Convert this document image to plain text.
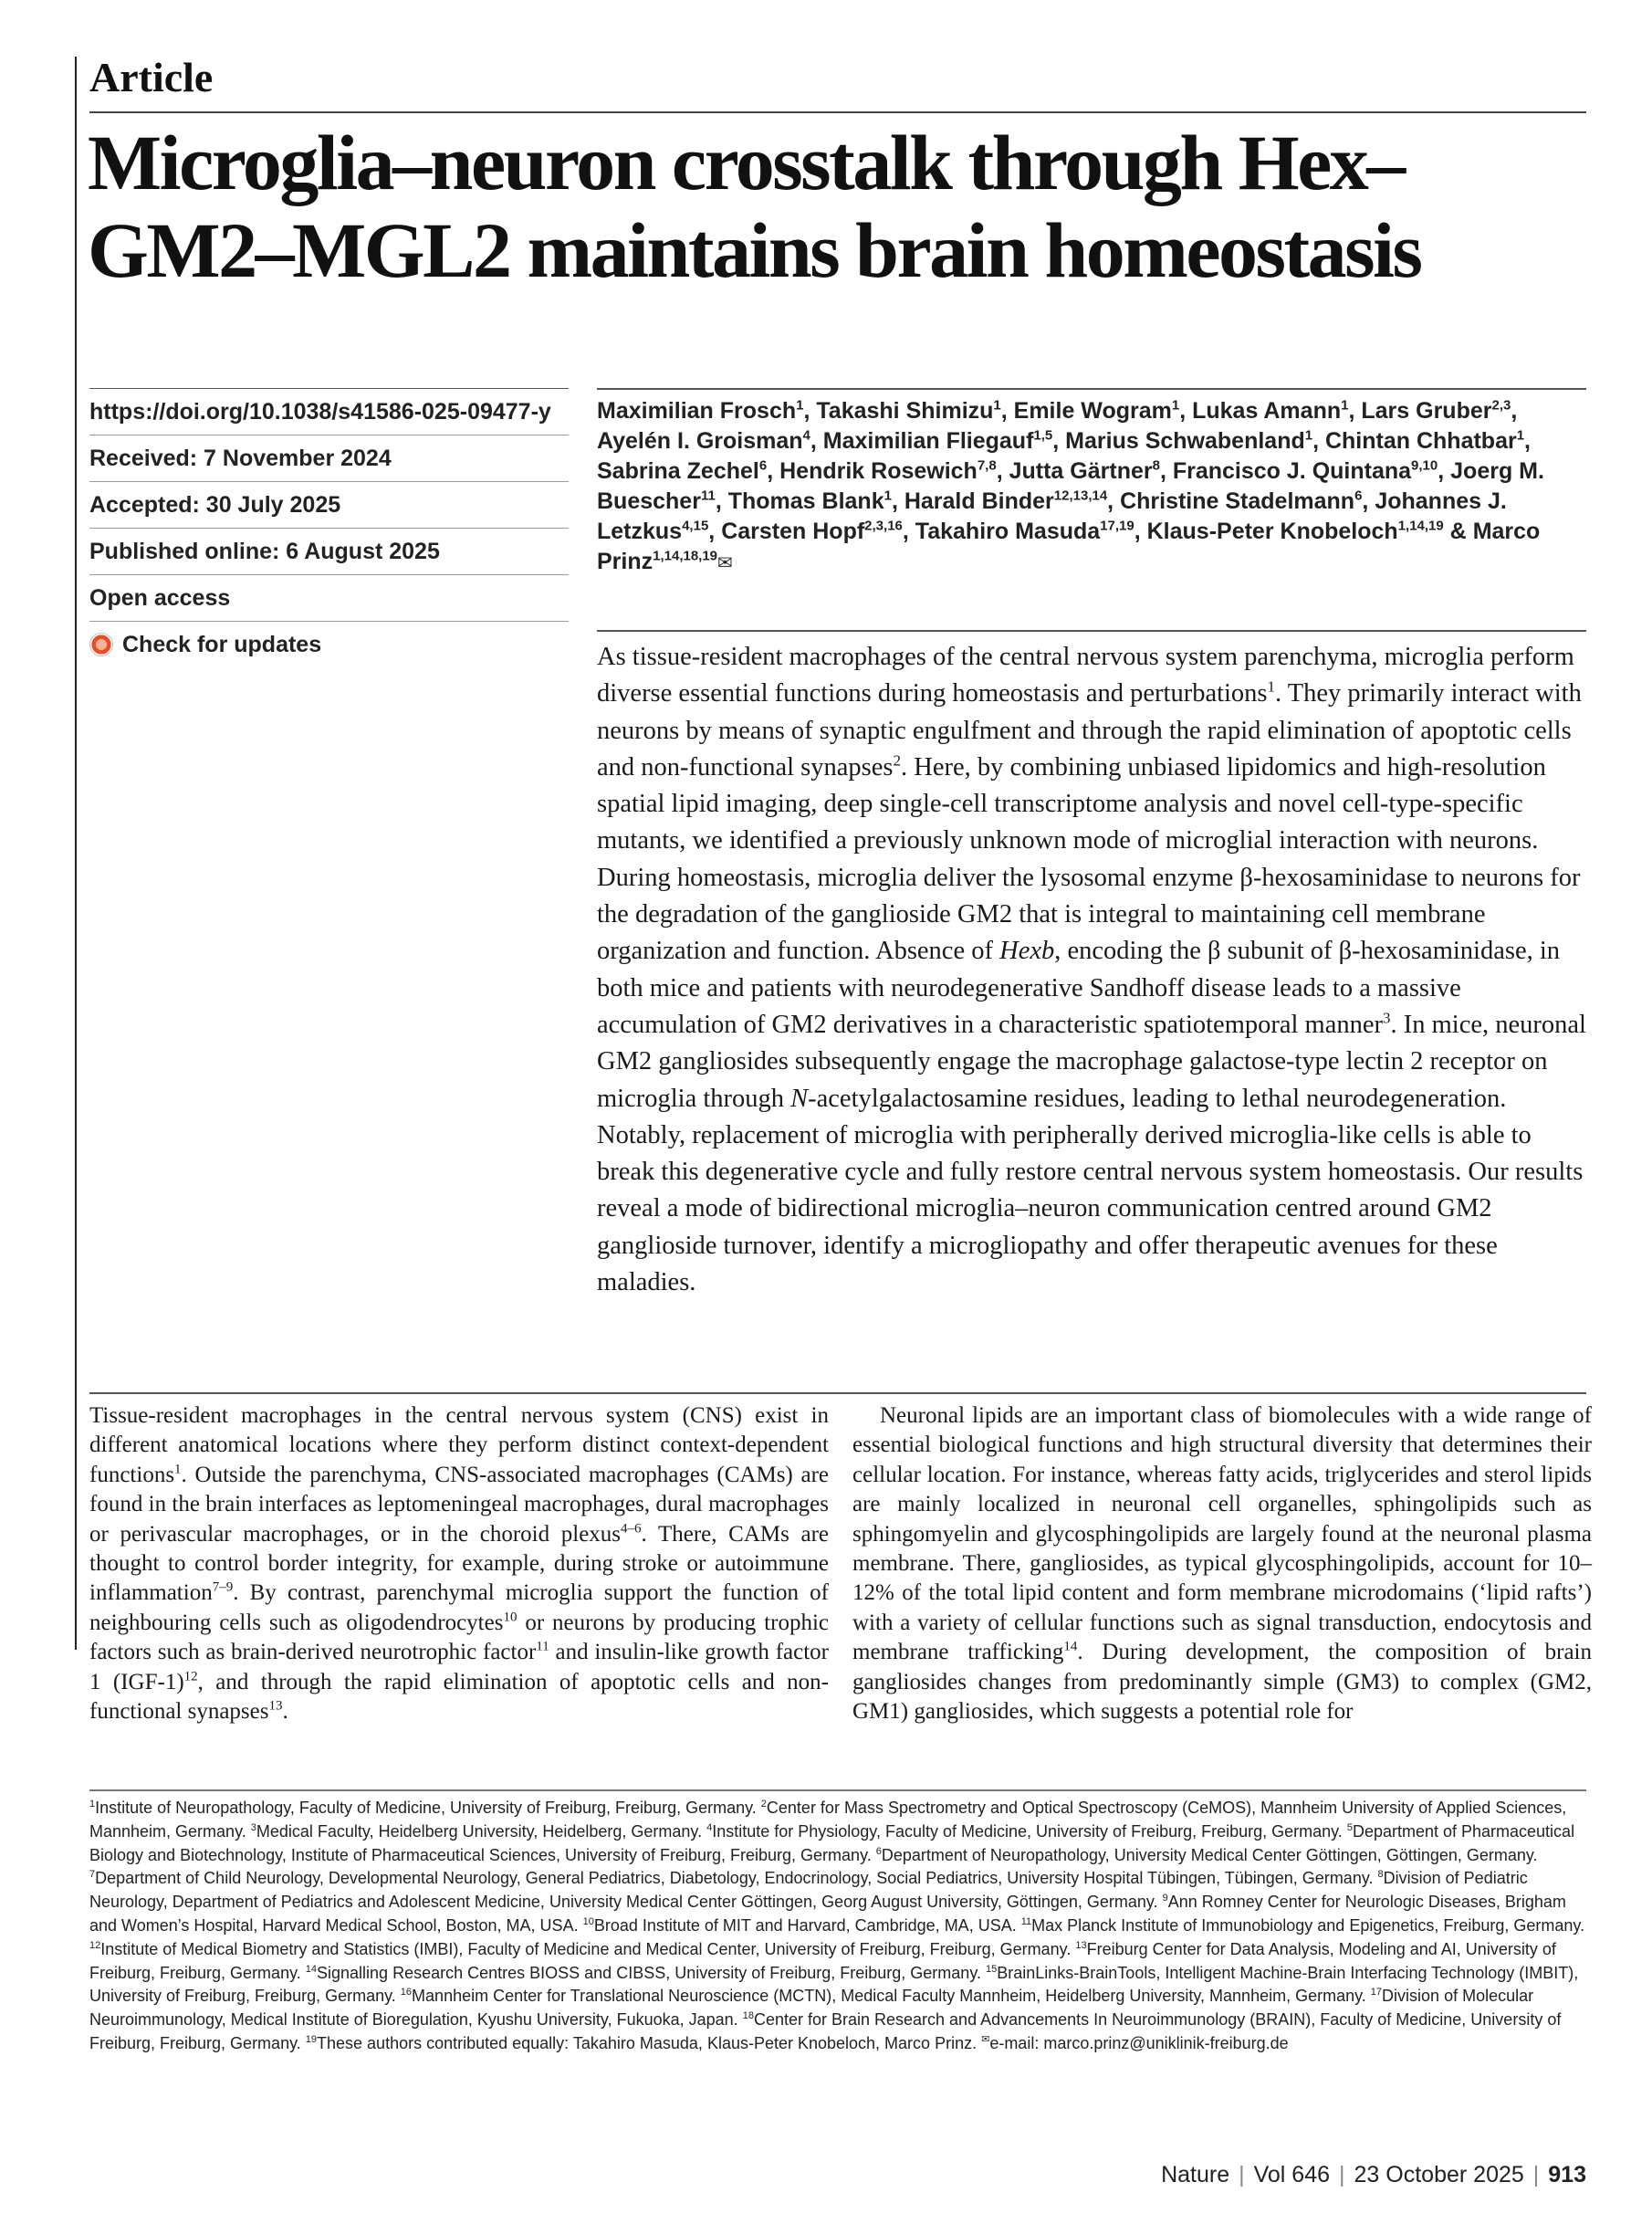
Article
Microglia–neuron crosstalk through Hex–GM2–MGL2 maintains brain homeostasis
https://doi.org/10.1038/s41586-025-09477-y
Received: 7 November 2024
Accepted: 30 July 2025
Published online: 6 August 2025
Open access
Check for updates

Maximilian Frosch$^1$, Takashi Shimizu$^1$, Emile Wogram$^1$, Lukas Amann$^1$, Lars Gruber$^{2,3}$, Ayelén I. Groisman$^4$, Maximilian Fliegauf$^{1,5}$, Marius Schwabenland$^1$, Chintan Chhatbar$^1$, Sabrina Zechel$^6$, Hendrik Rosewich$^{7,8}$, Jutta Gärtner$^8$, Francisco J. Quintana$^{9,10}$, Joerg M. Buescher$^{11}$, Thomas Blank$^1$, Harald Binder$^{12,13,14}$, Christine Stadelmann$^6$, Johannes J. Letzkus$^{4,15}$, Carsten Hopf$^{2,3,16}$, Takahiro Masuda$^{17,19}$, Klaus-Peter Knobeloch$^{1,14,19}$ & Marco Prinz$^{1,14,18,19}$✉

As tissue-resident macrophages of the central nervous system parenchyma, microglia perform diverse essential functions during homeostasis and perturbations$^1$. They primarily interact with neurons by means of synaptic engulfment and through the rapid elimination of apoptotic cells and non-functional synapses$^2$. Here, by combining unbiased lipidomics and high-resolution spatial lipid imaging, deep single-cell transcriptome analysis and novel cell-type-specific mutants, we identified a previously unknown mode of microglial interaction with neurons. During homeostasis, microglia deliver the lysosomal enzyme β-hexosaminidase to neurons for the degradation of the ganglioside GM2 that is integral to maintaining cell membrane organization and function. Absence of Hexb, encoding the β subunit of β-hexosaminidase, in both mice and patients with neurodegenerative Sandhoff disease leads to a massive accumulation of GM2 derivatives in a characteristic spatiotemporal manner$^3$. In mice, neuronal GM2 gangliosides subsequently engage the macrophage galactose-type lectin 2 receptor on microglia through N-acetylgalactosamine residues, leading to lethal neurodegeneration. Notably, replacement of microglia with peripherally derived microglia-like cells is able to break this degenerative cycle and fully restore central nervous system homeostasis. Our results reveal a mode of bidirectional microglia–neuron communication centred around GM2 ganglioside turnover, identify a microgliopathy and offer therapeutic avenues for these maladies.

Tissue-resident macrophages in the central nervous system (CNS) exist in different anatomical locations where they perform distinct context-dependent functions$^1$. Outside the parenchyma, CNS-associated macrophages (CAMs) are found in the brain interfaces as leptomeningeal macrophages, dural macrophages or perivascular macrophages, or in the choroid plexus$^{4-6}$. There, CAMs are thought to control border integrity, for example, during stroke or autoimmune inflammation$^{7-9}$. By contrast, parenchymal microglia support the function of neighbouring cells such as oligodendrocytes$^{10}$ or neurons by producing trophic factors such as brain-derived neurotrophic factor$^{11}$ and insulin-like growth factor 1 $(IGF-1)^{12}$, and through the rapid elimination of apoptotic cells and non-functional synapses$^{13}$.

Neuronal lipids are an important class of biomolecules with a wide range of essential biological functions and high structural diversity that determines their cellular location. For instance, whereas fatty acids, triglycerides and sterol lipids are mainly localized in neuronal cell organelles, sphingolipids such as sphingomyelin and glycosphingolipids are largely found at the neuronal plasma membrane. There, gangliosides, as typical glycosphingolipids, account for 10–12% of the total lipid content and form membrane microdomains (‘lipid rafts’) with a variety of cellular functions such as signal transduction, endocytosis and membrane trafficking$^{14}$. During development, the composition of brain gangliosides changes from predominantly simple (GM3) to complex (GM2, GM1) gangliosides, which suggests a potential role for

$^1$Institute of Neuropathology, Faculty of Medicine, University of Freiburg, Freiburg, Germany. $^2$Center for Mass Spectrometry and Optical Spectroscopy (CeMOS), Mannheim University of Applied Sciences, Mannheim, Germany. $^3$Medical Faculty, Heidelberg University, Heidelberg, Germany. $^4$Institute for Physiology, Faculty of Medicine, University of Freiburg, Freiburg, Germany. $^5$Department of Pharmaceutical Biology and Biotechnology, Institute of Pharmaceutical Sciences, University of Freiburg, Freiburg, Germany. $^6$Department of Neuropathology, University Medical Center Göttingen, Göttingen, Germany. $^7$Department of Child Neurology, Developmental Neurology, General Pediatrics, Diabetology, Endocrinology, Social Pediatrics, University Hospital Tübingen, Tübingen, Germany. $^8$Division of Pediatric Neurology, Department of Pediatrics and Adolescent Medicine, University Medical Center Göttingen, Georg August University, Göttingen, Germany. $^9$Ann Romney Center for Neurologic Diseases, Brigham and Women’s Hospital, Harvard Medical School, Boston, MA, USA. $^{10}$Broad Institute of MIT and Harvard, Cambridge, MA, USA. $^{11}$Max Planck Institute of Immunobiology and Epigenetics, Freiburg, Germany. $^{12}$Institute of Medical Biometry and Statistics (IMBI), Faculty of Medicine and Medical Center, University of Freiburg, Freiburg, Germany. $^{13}$Freiburg Center for Data Analysis, Modeling and AI, University of Freiburg, Freiburg, Germany. $^{14}$Signalling Research Centres BIOSS and CIBSS, University of Freiburg, Freiburg, Germany. $^{15}$BrainLinks-BrainTools, Intelligent Machine-Brain Interfacing Technology (IMBIT), University of Freiburg, Freiburg, Germany. $^{16}$Mannheim Center for Translational Neuroscience (MCTN), Medical Faculty Mannheim, Heidelberg University, Mannheim, Germany. $^{17}$Division of Molecular Neuroimmunology, Medical Institute of Bioregulation, Kyushu University, Fukuoka, Japan. $^{18}$Center for Brain Research and Advancements In Neuroimmunology (BRAIN), Faculty of Medicine, University of Freiburg, Freiburg, Germany. $^{19}$These authors contributed equally: Takahiro Masuda, Klaus-Peter Knobeloch, Marco Prinz. ✉e-mail: marco.prinz@uniklinik-freiburg.de

Nature | Vol 646 | 23 October 2025 | 913
